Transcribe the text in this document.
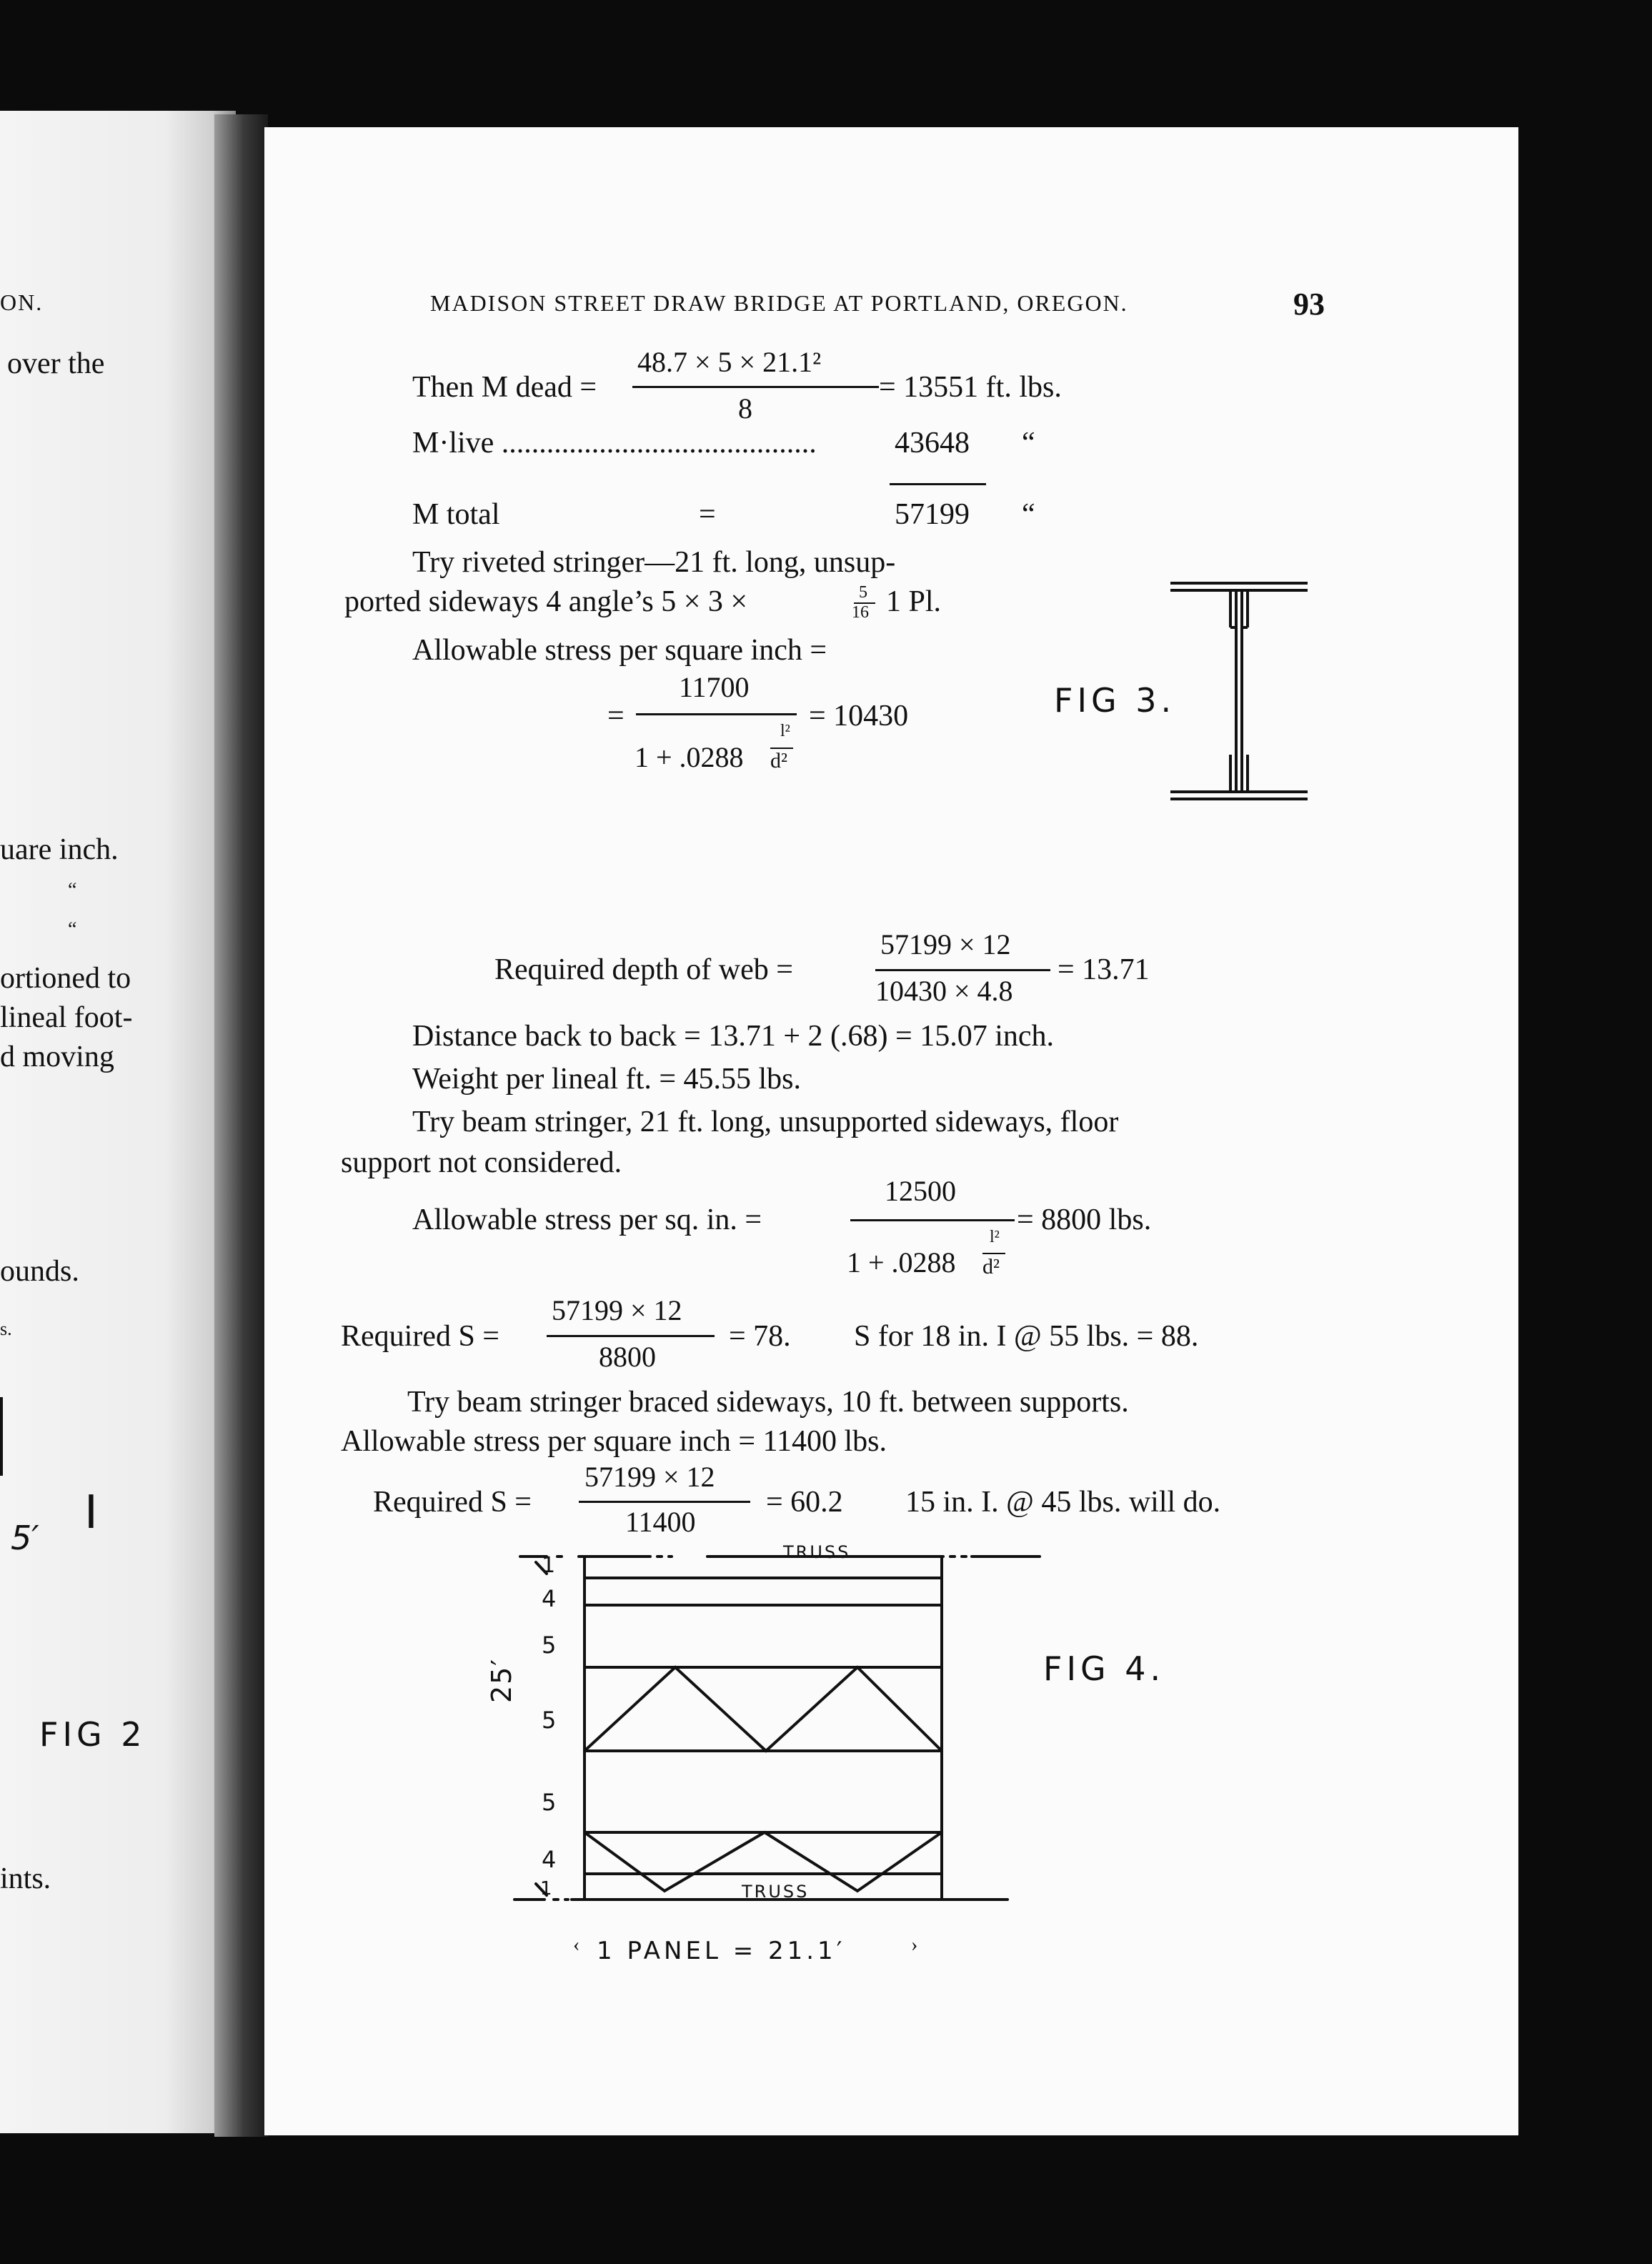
ON.
over the
uare inch.
“
“
ortioned to
lineal foot-
d moving
ounds.
s.
5′ I
FIG 2
ints.
MADISON STREET DRAW BRIDGE AT PORTLAND, OREGON.	93
Then M dead =
48.7 × 5 × 21.1²
8
= 13551 ft. lbs.
M·live ..........................................	43648 “
M total	=	57199 “
Try riveted stringer—21 ft. long, unsup-
ported sideways 4 angle’s 5 × 3 ×	5
16 1 Pl.
Allowable stress per square inch =
=
11700
1 + .0288
l²
d²
= 10430	FIG 3.
Required depth of web =
57199 × 12
10430 × 4.8
= 13.71
Distance back to back = 13.71 + 2 (.68) = 15.07 inch.
Weight per lineal ft. = 45.55 lbs.
Try beam stringer, 21 ft. long, unsupported sideways, floor
support not considered.
Allowable stress per sq. in. =
12500
1 + .0288
l²
d²
= 8800 lbs.
Required S =
57199 × 12
8800
= 78. S for 18 in. I @ 55 lbs. = 88.
Try beam stringer braced sideways, 10 ft. between supports.
Allowable stress per square inch = 11400 lbs.
Required S =
57199 × 12
11400
= 60.2 15 in. I. @ 45 lbs. will do.
TRUSS
TRUSS
1
4
5
5
5
4
1
25′
1 PANEL = 21.1′
‹	›
FIG 4.
